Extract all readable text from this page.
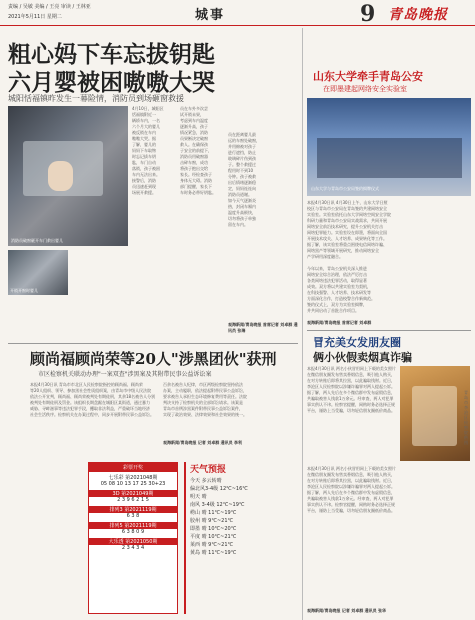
责编 / 吴敏 美编 / 王亮 审读 / 王林亚
2021年5月11日 星期二	城事	9 青岛晚报
粗心妈下车忘拔钥匙
六月婴被困嗷嗷大哭
城阳恬福镇昨发生一幕险情，消防员到场砸窗救援
消防员破窗砸开车门救出婴儿
4月10日，城阳区
恬福镇附近一
辆轿车内，一名
六个月大的婴儿
被反锁在车内
嗷嗷大哭。据
了解，婴儿的
妈妈下车取物
时忘记拔车钥
匙，车门自动
落锁，孩子被困
车内无法出来。
接警后，消防
员迅速赶到现
场展开救援。
开锁开窗时婴儿
员在车外多次尝
试开锁未果，
考虑到车内温度
逐渐升高，孩子
情况紧急，消防
员果断决定破窗
救人。在确保孩
子安全的前提下，
消防员用破窗器
击碎车窗，成功
将孩子抱出交给
家长。经检查孩子
身体无大碍。消防
部门提醒，家长下
车时务必带好钥匙。
员在距离婴儿最
远的车窗处破窗，
并用棉被对孩子
进行遮挡，防止
玻璃碎片伤到孩
子。整个救援过
程用时不到10
分钟。孩子被救
出后情绪逐渐稳
定，妈妈连连向
消防员道谢。
如今天气逐渐炎
热，封闭车厢内
温度升高极快，
切勿将孩子单独
留在车内。
观海新闻/青岛晚报 首席记者 刘卓群 通讯员 张瑞
顾尚福顾尚荣等20人"涉黑团伙"获刑
市区检察机关联动办理"一案双查"涉黑案及其附带民事公益诉讼案
本报4月30日讯 青岛市市北区人民检察院指控的顾尚福、顾尚荣
等20人组织、领导、参加黑社会性质组织案，由青岛市中级人民法院
依法公开宣判，顾尚福、顾尚荣被判处有期徒刑，其余18名被告人分别
被判处有期徒刑及罚金。该组织长期盘踞在城阳区某街道，通过暴力
威胁、寻衅滋事等违法犯罪手段，攫取非法利益，严重破坏当地经济
社会生活秩序。检察机关在办案过程中，同步开展附带民事公益诉讼。
百余名被告人纪律，市区两级检察院坚持依法
办案，主动履职，依法提起附带民事公益诉讼，
要求被告人承担生态环境修复费用等责任。法院
判决支持了检察机关的全部诉讼请求。该案是
青岛市首例涉黑案件附带民事公益诉讼案件，
实现了政治效果、法律效果和社会效果的统一。
观海新闻/青岛晚报 记者 刘卓群 通讯员 李利
彩票开奖
七乐彩 第2021048期
05 08 10 13 17 25 30+23
3D 第2021049期
2 3 9 6 2 1 5
排列3 第2021119期
6 3 8
排列5 第2021119期
6 3 8 0 9
大乐透 第2021050期
2 3 4 3 4
天气预报
今天 多云转晴
偏北风3-4级 12℃~16℃
明天 晴
南风 3-4级 12℃~19℃
崂山 晴 11℃~19℃
胶州 晴 9℃~21℃
即墨 晴 10℃~20℃
平度 晴 10℃~21℃
莱西 晴 9℃~21℃
黄岛 晴 11℃~19℃
山东大学牵手青岛公安
在即墨建起网络安全实验室
山东大学与青岛市公安局签约揭牌仪式
本报4月30日讯 4月30日上午，山东大学日照
校区与青岛市公安局在青岛签约共建网络安全
实验室。实验室依托山东大学网络空间安全学院
科研力量和青岛市公安局实战需求，共同开展
网络安全前沿技术研究，提升公安机关打击
网络犯罪能力。实验室设在即墨，将面向全国
开展技术攻关、人才培养、成果转化等工作。
据了解，该实验室将重点围绕电信网络诈骗、
网络黑产等领域开展研究，推动网络安全
产学研用深度融合。
今年以来，青岛公安机关深入推进
网络安全综合治理，依法严厉打击
各类网络违法犯罪活动，取得显著
成效。双方将以共建实验室为契机，
在科技强警、人才培养、技术研发等
方面深化合作，打造校警合作新典范。
签约仪式上，双方为实验室揭牌，
并共同启动了首批合作项目。
观海新闻/青岛晚报 首席记者 刘卓群
冒充美女发朋友圈
俩小伙假卖烟真诈骗
青岛市李沧区检察院供图
本报4月30日讯 两名小伙冒用网上下载的美女照片
在微信朋友圈发布售卖香烟信息，吸引他人购买，
在对方转账后即将其拉黑，以此骗取钱财。近日，
李沧区人民检察院以涉嫌诈骗罪对两人提起公诉。
据了解，两人先后在多个微信群中发布虚假信息，
共骗取被害人钱款1万余元。经审查，两人对犯罪
事实供认不讳。检察官提醒，网购时务必选择正规
平台，谨防上当受骗，切勿轻信朋友圈低价商品。
本报4月30日讯 两名小伙冒用网上下载的美女照片
在微信朋友圈发布售卖香烟信息，吸引他人购买，
在对方转账后即将其拉黑，以此骗取钱财。近日，
李沧区人民检察院以涉嫌诈骗罪对两人提起公诉。
据了解，两人先后在多个微信群中发布虚假信息，
共骗取被害人钱款1万余元。经审查，两人对犯罪
事实供认不讳。检察官提醒，网购时务必选择正规
平台，谨防上当受骗，切勿轻信朋友圈低价商品。
观海新闻/青岛晚报 记者 刘卓群 通讯员 张华
